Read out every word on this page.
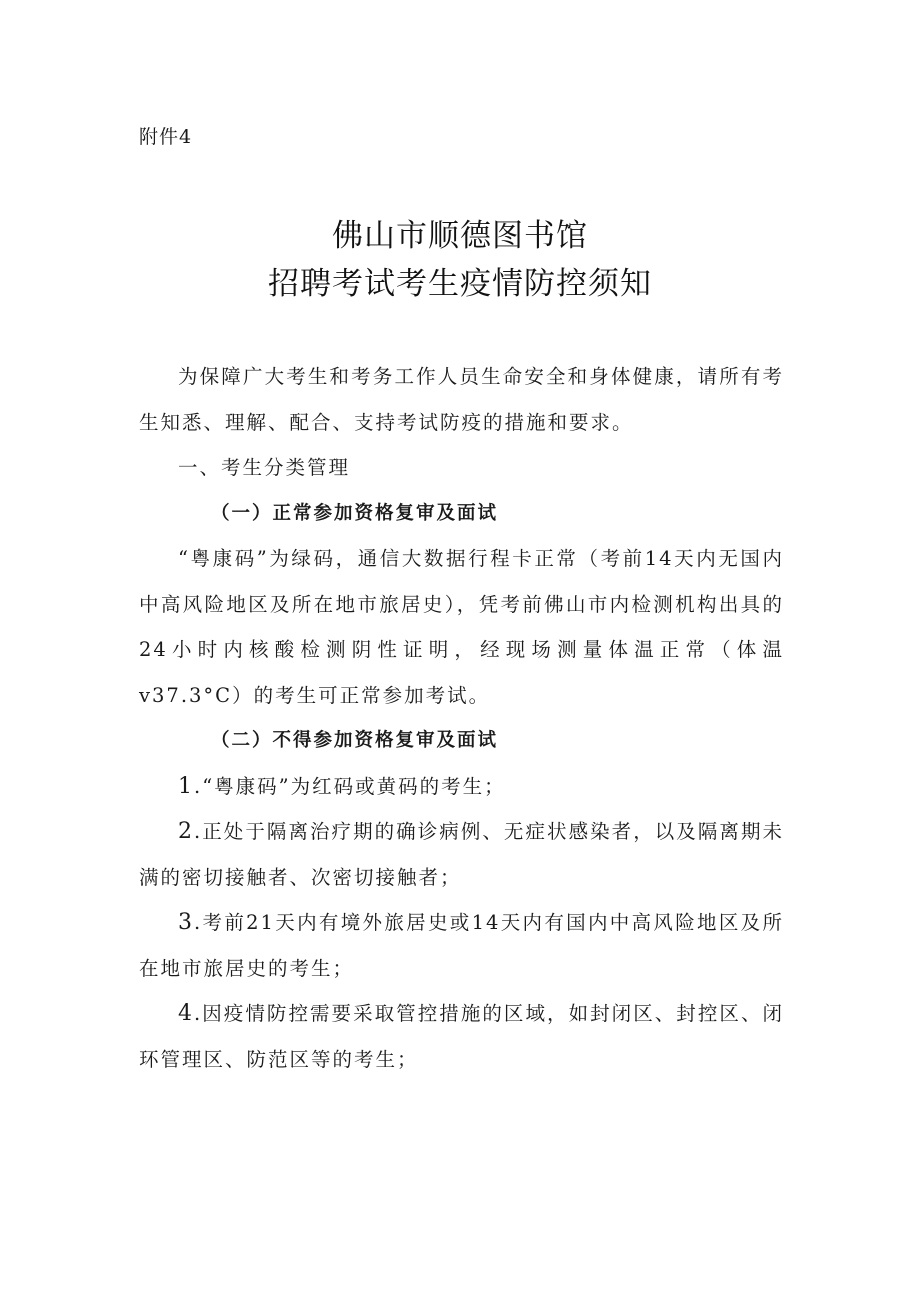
附件4
佛山市顺德图书馆
招聘考试考生疫情防控须知

为保障广大考生和考务工作人员生命安全和身体健康，请所有考生知悉、理解、配合、支持考试防疫的措施和要求。

一、考生分类管理

（一）正常参加资格复审及面试

“粤康码”为绿码，通信大数据行程卡正常（考前14天内无国内中高风险地区及所在地市旅居史），凭考前佛山市内检测机构出具的24小时内核酸检测阴性证明，经现场测量体温正常（体温v37.3°C）的考生可正常参加考试。

（二）不得参加资格复审及面试

1.“粤康码”为红码或黄码的考生；

2.正处于隔离治疗期的确诊病例、无症状感染者，以及隔离期未满的密切接触者、次密切接触者；

3.考前21天内有境外旅居史或14天内有国内中高风险地区及所在地市旅居史的考生；

4.因疫情防控需要采取管控措施的区域，如封闭区、封控区、闭环管理区、防范区等的考生；
